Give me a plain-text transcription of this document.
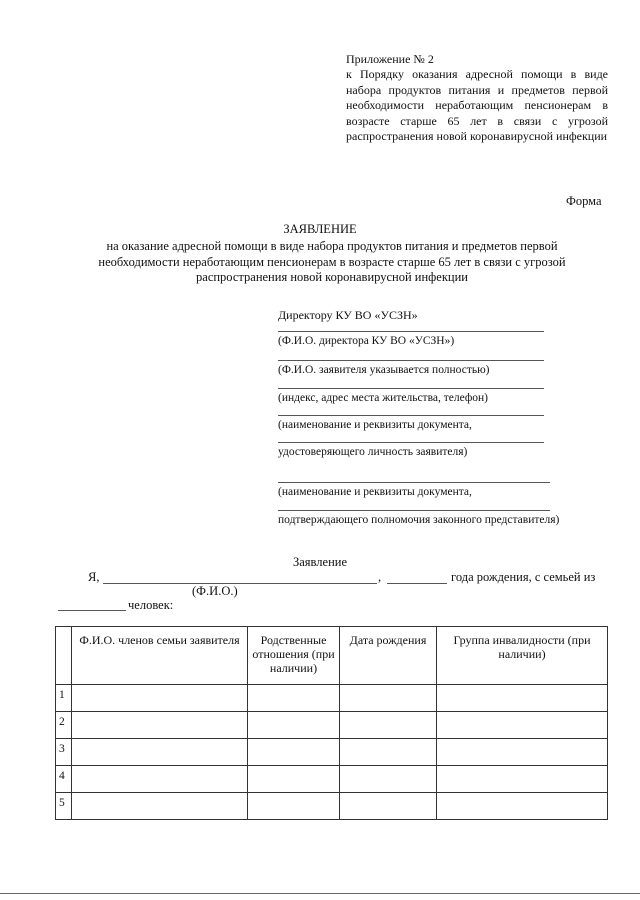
Приложение № 2
к Порядку оказания адресной помощи в виде набора продуктов питания и предметов первой необходимости неработающим пенсионерам в возрасте старше 65 лет в связи с угрозой распространения новой коронавирусной инфекции
Форма
ЗАЯВЛЕНИЕ
на оказание адресной помощи в виде набора продуктов питания и предметов первой необходимости неработающим пенсионерам в возрасте старше 65 лет в связи с угрозой распространения новой коронавирусной инфекции
Директору КУ ВО «УСЗН»
(Ф.И.О. директора КУ ВО «УСЗН»)
(Ф.И.О. заявителя указывается полностью)
(индекс, адрес места жительства, телефон)
(наименование и реквизиты документа,
удостоверяющего личность заявителя)
(наименование и реквизиты документа,
подтверждающего полномочия законного представителя)
Заявление
Я,	,	года рождения, с семьей из
(Ф.И.О.)
человек:
	Ф.И.О. членов семьи заявителя	Родственные отношения (при наличии)	Дата рождения	Группа инвалидности (при наличии)
1				
2				
3				
4				
5				
